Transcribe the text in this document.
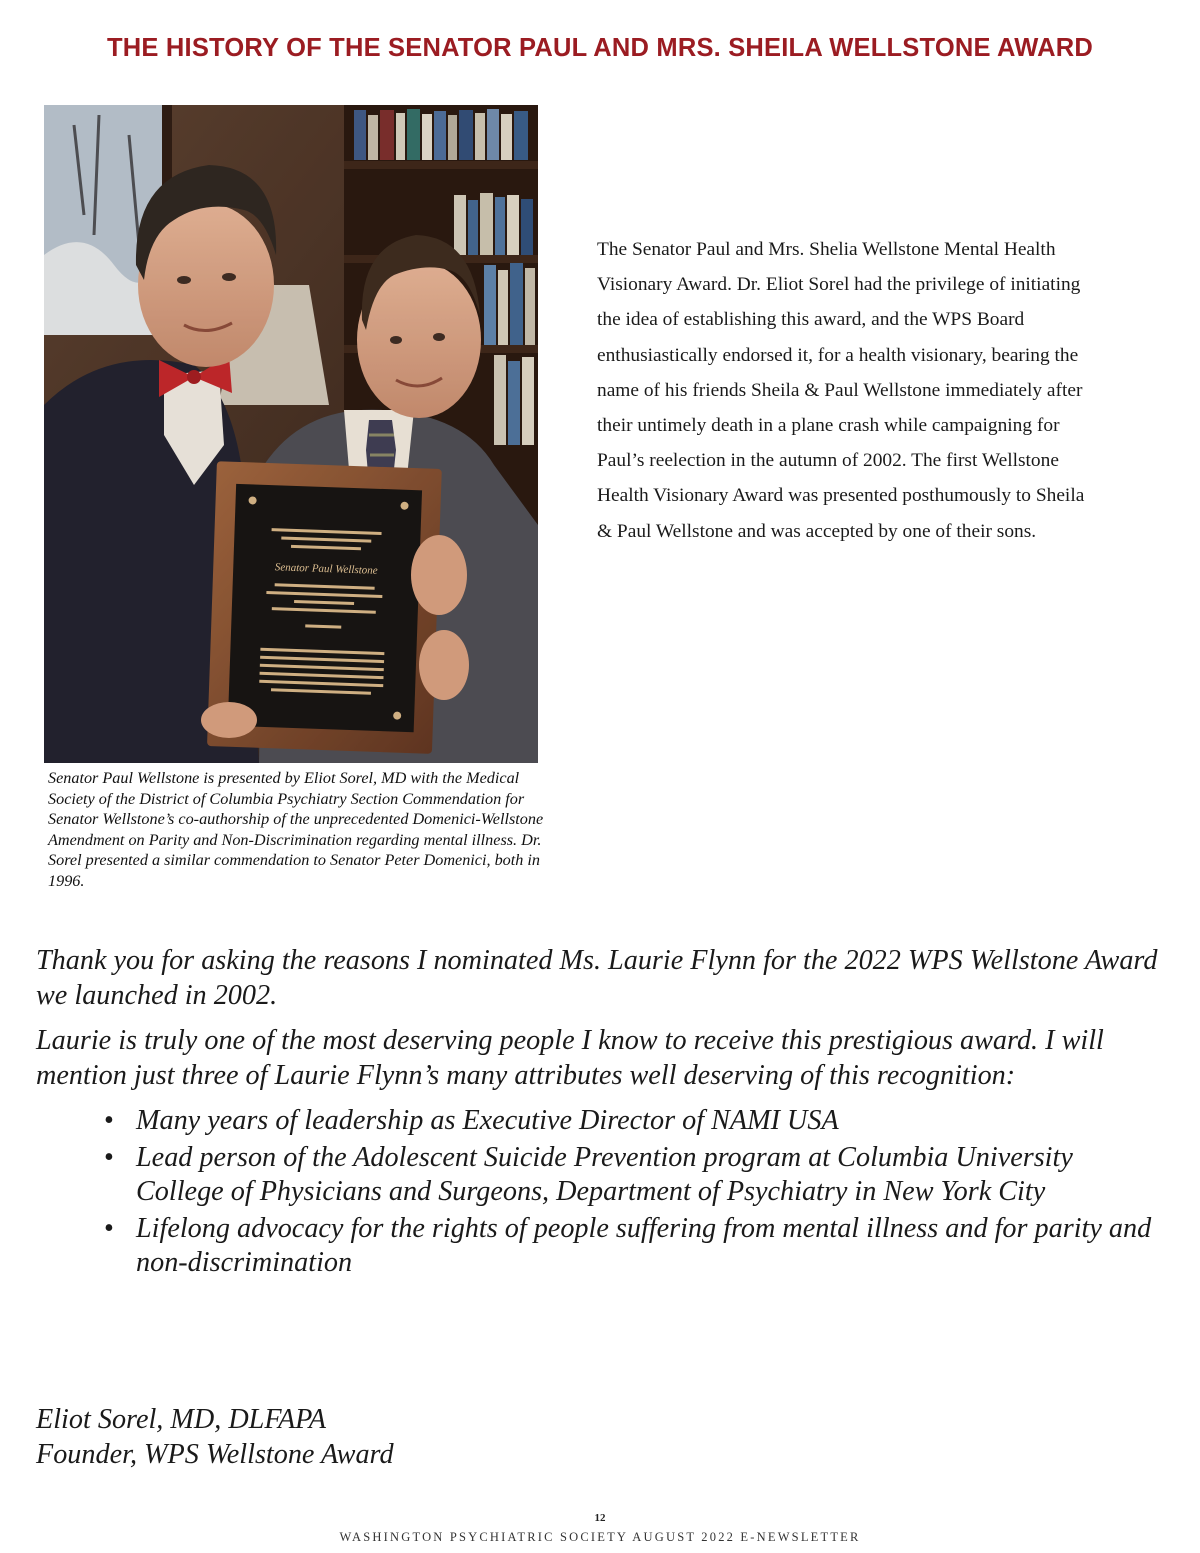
THE HISTORY OF THE SENATOR PAUL AND MRS. SHEILA WELLSTONE AWARD
Senator Paul Wellstone

Senator Paul Wellstone is presented by Eliot Sorel, MD with the Medical Society of the District of Columbia Psychiatry Section Commendation for Senator Wellstone’s co-authorship of the unprecedented Domenici-Wellstone Amendment on Parity and Non-Discrimination regarding mental illness. Dr. Sorel presented a similar commendation to Senator Peter Domenici, both in 1996.

The Senator Paul and Mrs. Shelia Wellstone Mental Health Visionary Award. Dr. Eliot Sorel had the privilege of initiating the idea of establishing this award, and the WPS Board enthusiastically endorsed it, for a health visionary, bearing the name of his friends Sheila & Paul Wellstone immediately after their untimely death in a plane crash while campaigning for Paul’s reelection in the autumn of 2002. The first Wellstone Health Visionary Award was presented posthumously to Sheila & Paul Wellstone and was accepted by one of their sons.

Thank you for asking the reasons I nominated Ms. Laurie Flynn for the 2022 WPS Wellstone Award we launched in 2002.

Laurie is truly one of the most deserving people I know to receive this prestigious award. I will mention just three of Laurie Flynn’s many attributes well deserving of this recognition:

• Many years of leadership as Executive Director of NAMI USA
• Lead person of the Adolescent Suicide Prevention program at Columbia University College of Physicians and Surgeons, Department of Psychiatry in New York City
• Lifelong advocacy for the rights of people suffering from mental illness and for parity and non-discrimination
Eliot Sorel, MD, DLFAPA
Founder, WPS Wellstone Award
12
WASHINGTON PSYCHIATRIC SOCIETY AUGUST 2022 E-NEWSLETTER
